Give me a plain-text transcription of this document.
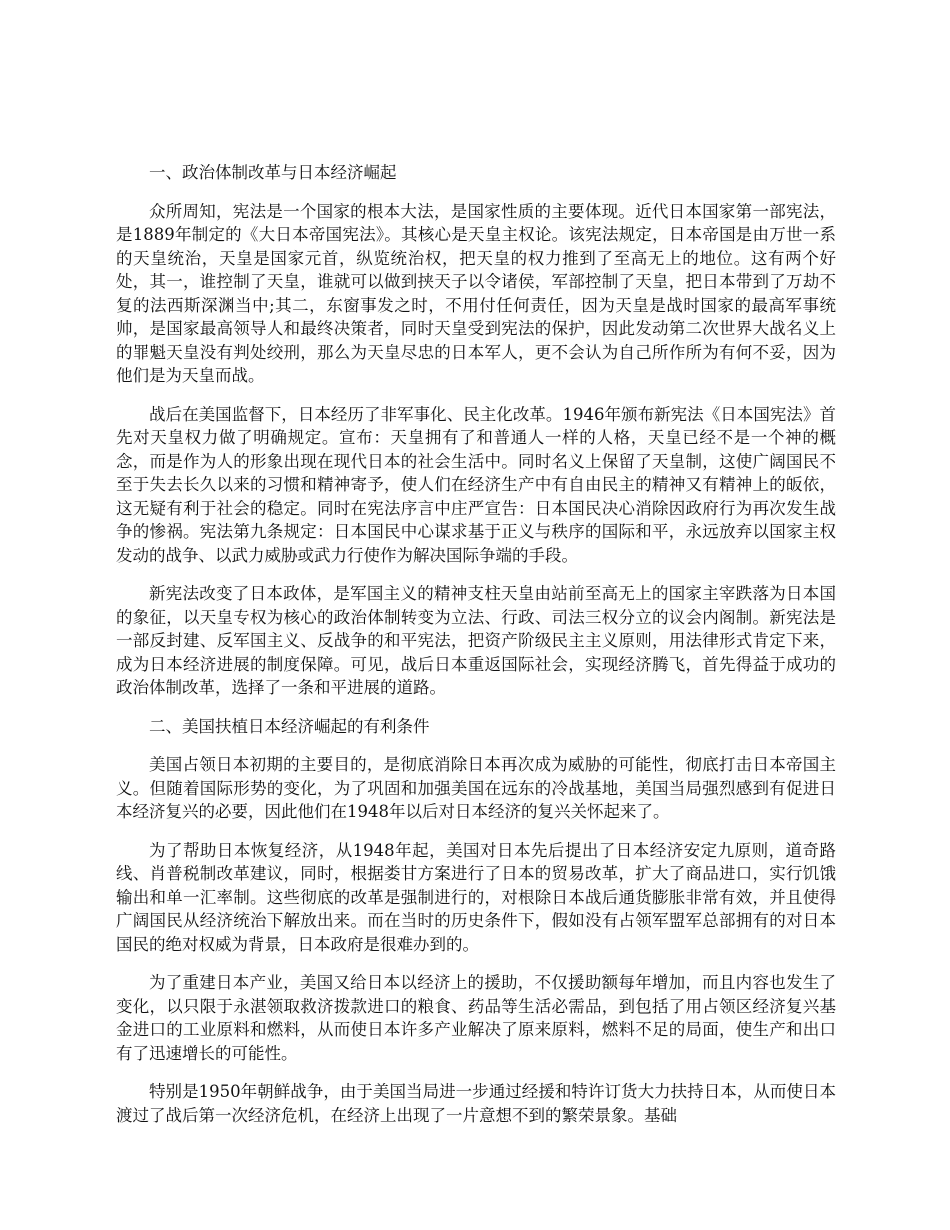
一、政治体制改革与日本经济崛起

众所周知，宪法是一个国家的根本大法，是国家性质的主要体现。近代日本国家第一部宪法，是1889年制定的《大日本帝国宪法》。其核心是天皇主权论。该宪法规定，日本帝国是由万世一系的天皇统治，天皇是国家元首，纵览统治权，把天皇的权力推到了至高无上的地位。这有两个好处，其一，谁控制了天皇，谁就可以做到挟天子以令诸侯，军部控制了天皇，把日本带到了万劫不复的法西斯深渊当中;其二，东窗事发之时，不用付任何责任，因为天皇是战时国家的最高军事统帅，是国家最高领导人和最终决策者，同时天皇受到宪法的保护，因此发动第二次世界大战名义上的罪魁天皇没有判处绞刑，那么为天皇尽忠的日本军人，更不会认为自己所作所为有何不妥，因为他们是为天皇而战。

战后在美国监督下，日本经历了非军事化、民主化改革。1946年颁布新宪法《日本国宪法》首先对天皇权力做了明确规定。宣布：天皇拥有了和普通人一样的人格，天皇已经不是一个神的概念，而是作为人的形象出现在现代日本的社会生活中。同时名义上保留了天皇制，这使广阔国民不至于失去长久以来的习惯和精神寄予，使人们在经济生产中有自由民主的精神又有精神上的皈依，这无疑有利于社会的稳定。同时在宪法序言中庄严宣告：日本国民决心消除因政府行为再次发生战争的惨祸。宪法第九条规定：日本国民中心谋求基于正义与秩序的国际和平，永远放弃以国家主权发动的战争、以武力威胁或武力行使作为解决国际争端的手段。

新宪法改变了日本政体，是军国主义的精神支柱天皇由站前至高无上的国家主宰跌落为日本国的象征，以天皇专权为核心的政治体制转变为立法、行政、司法三权分立的议会内阁制。新宪法是一部反封建、反军国主义、反战争的和平宪法，把资产阶级民主主义原则，用法律形式肯定下来，成为日本经济进展的制度保障。可见，战后日本重返国际社会，实现经济腾飞，首先得益于成功的政治体制改革，选择了一条和平进展的道路。

二、美国扶植日本经济崛起的有利条件

美国占领日本初期的主要目的，是彻底消除日本再次成为威胁的可能性，彻底打击日本帝国主义。但随着国际形势的变化，为了巩固和加强美国在远东的冷战基地，美国当局强烈感到有促进日本经济复兴的必要，因此他们在1948年以后对日本经济的复兴关怀起来了。

为了帮助日本恢复经济，从1948年起，美国对日本先后提出了日本经济安定九原则，道奇路线、肖普税制改革建议，同时，根据娄甘方案进行了日本的贸易改革，扩大了商品进口，实行饥饿输出和单一汇率制。这些彻底的改革是强制进行的，对根除日本战后通货膨胀非常有效，并且使得广阔国民从经济统治下解放出来。而在当时的历史条件下，假如没有占领军盟军总部拥有的对日本国民的绝对权威为背景，日本政府是很难办到的。

为了重建日本产业，美国又给日本以经济上的援助，不仅援助额每年增加，而且内容也发生了变化，以只限于永湛领取救济拨款进口的粮食、药品等生活必需品，到包括了用占领区经济复兴基金进口的工业原料和燃料，从而使日本许多产业解决了原来原料，燃料不足的局面，使生产和出口有了迅速增长的可能性。

特别是1950年朝鲜战争，由于美国当局进一步通过经援和特许订货大力扶持日本，从而使日本渡过了战后第一次经济危机，在经济上出现了一片意想不到的繁荣景象。基础
